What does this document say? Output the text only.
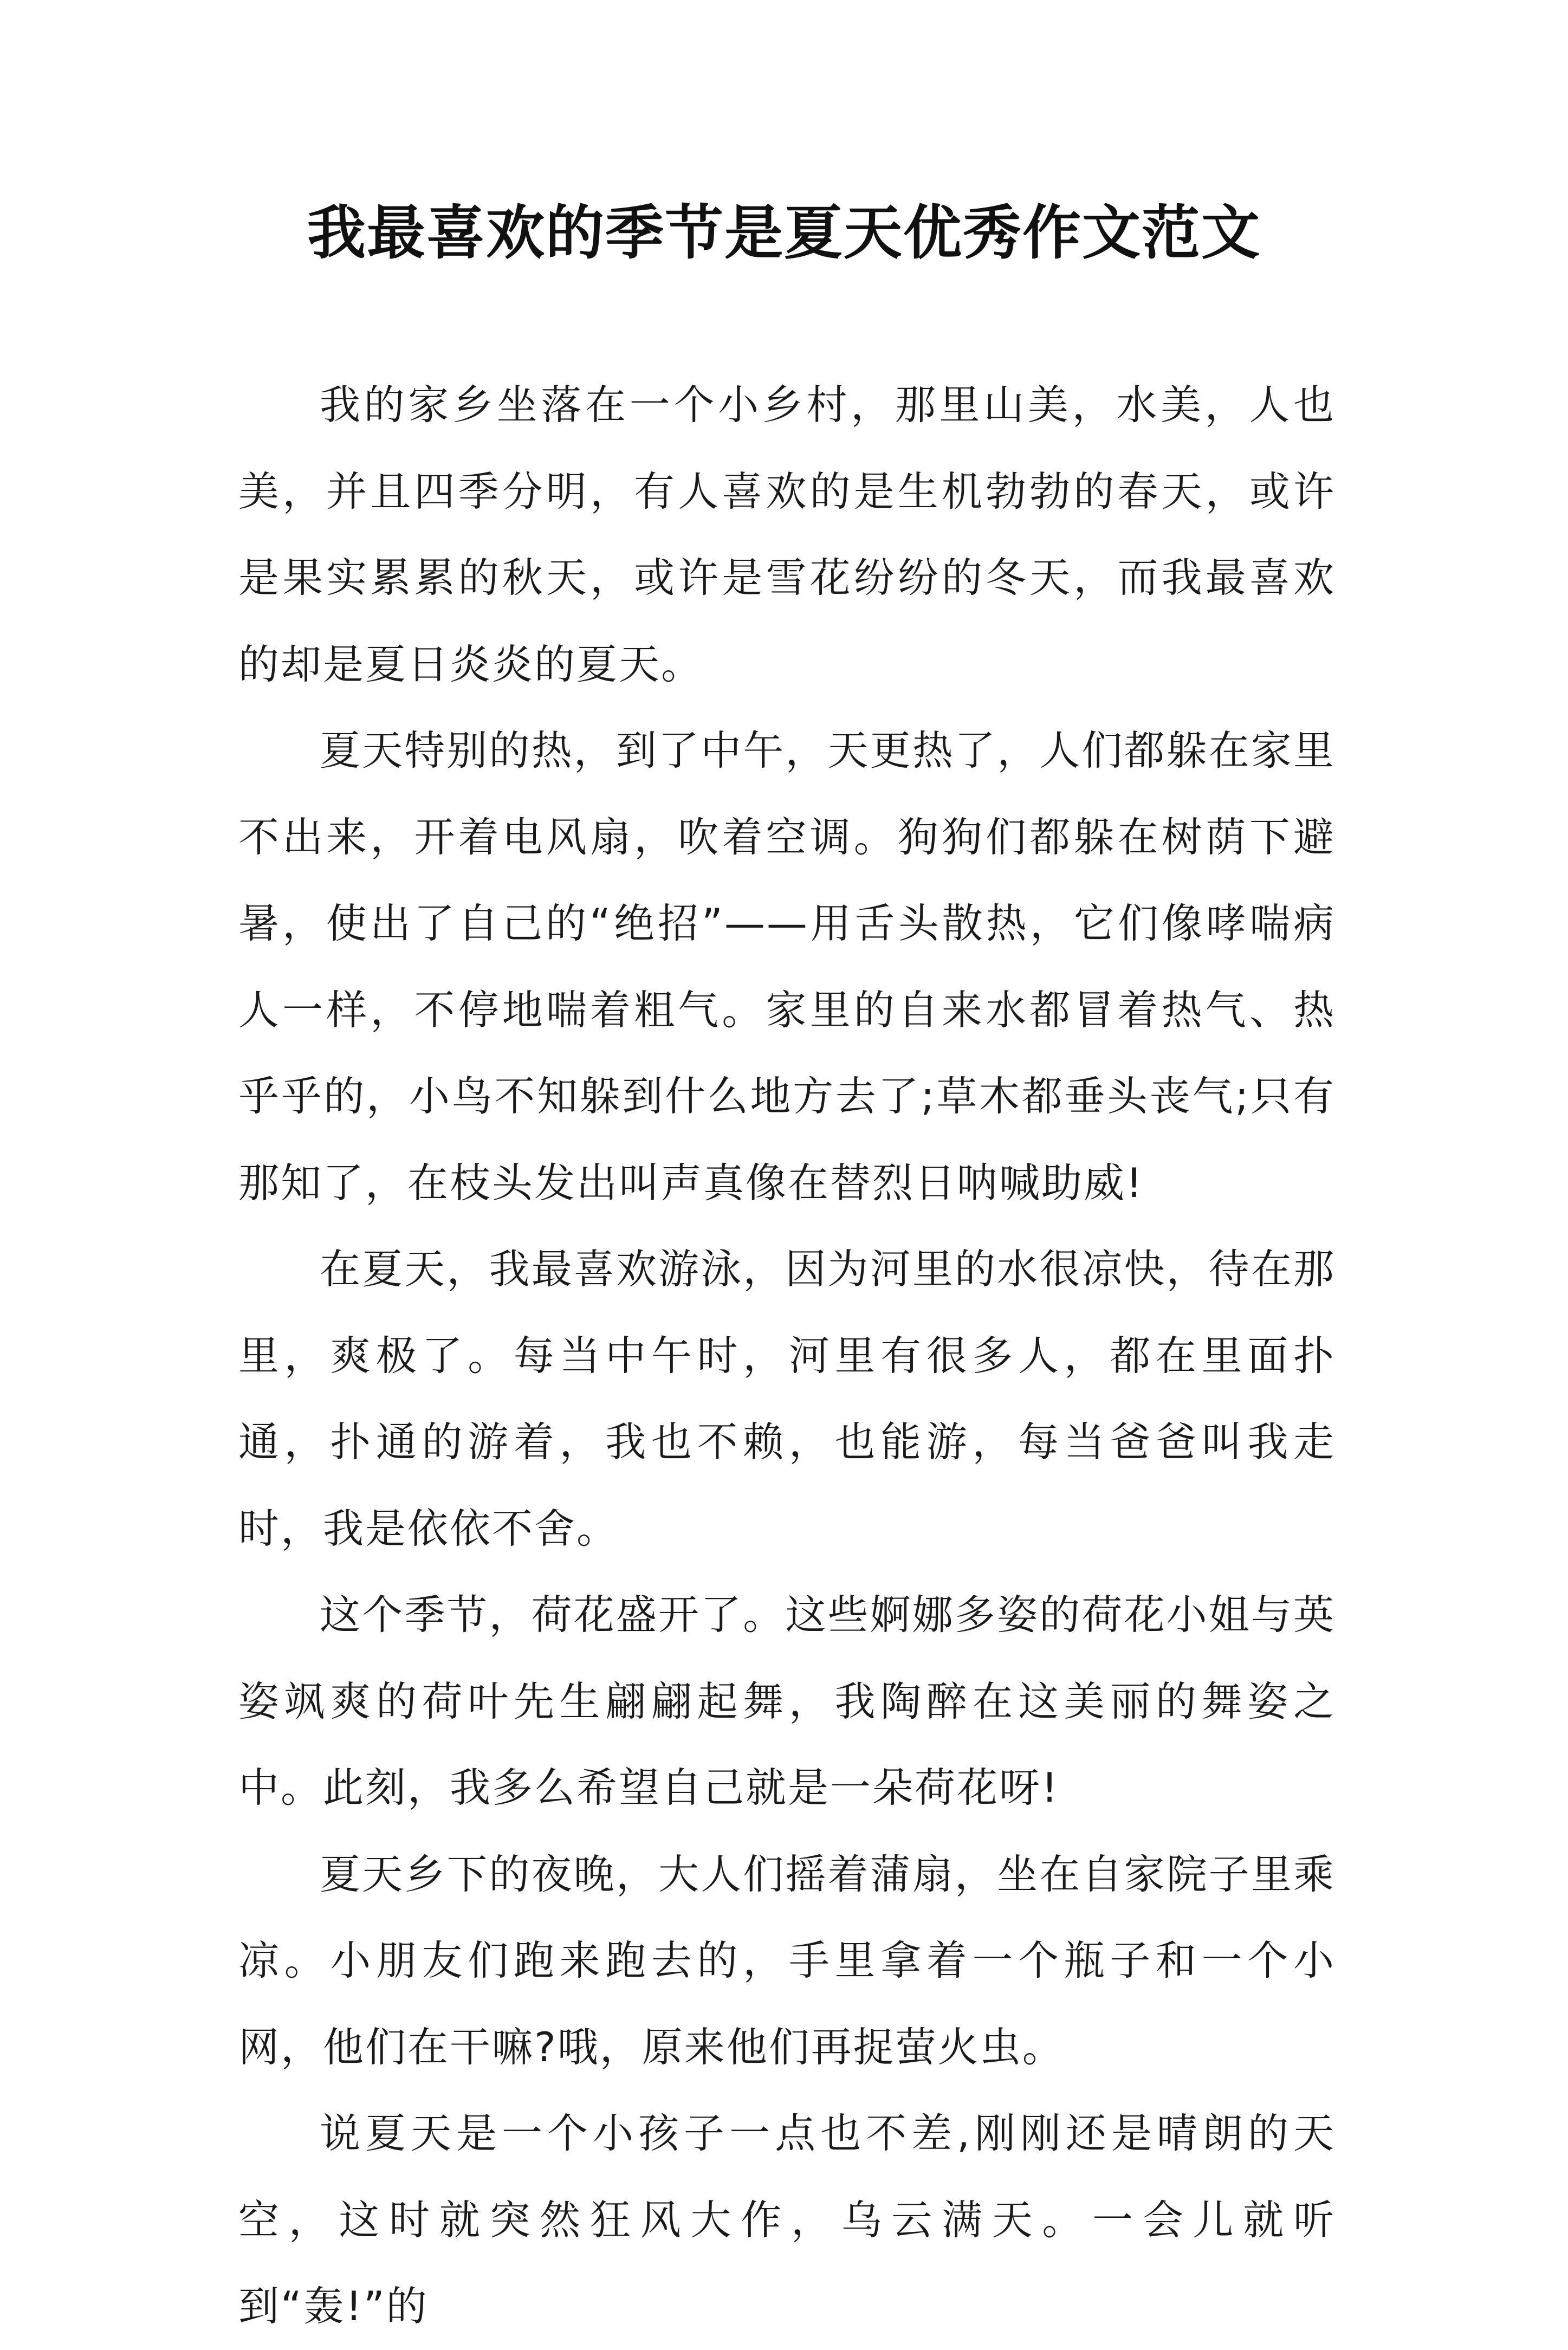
我最喜欢的季节是夏天优秀作文范文

我的家乡坐落在一个小乡村，那里山美，水美，人也美，并且四季分明，有人喜欢的是生机勃勃的春天，或许是果实累累的秋天，或许是雪花纷纷的冬天，而我最喜欢的却是夏日炎炎的夏天。

夏天特别的热，到了中午，天更热了，人们都躲在家里不出来，开着电风扇，吹着空调。狗狗们都躲在树荫下避暑，使出了自己的“绝招”——用舌头散热，它们像哮喘病人一样，不停地喘着粗气。家里的自来水都冒着热气、热乎乎的，小鸟不知躲到什么地方去了;草木都垂头丧气;只有那知了，在枝头发出叫声真像在替烈日呐喊助威!

在夏天，我最喜欢游泳，因为河里的水很凉快，待在那里，爽极了。每当中午时，河里有很多人，都在里面扑通，扑通的游着，我也不赖，也能游，每当爸爸叫我走时，我是依依不舍。

这个季节，荷花盛开了。这些婀娜多姿的荷花小姐与英姿飒爽的荷叶先生翩翩起舞，我陶醉在这美丽的舞姿之中。此刻，我多么希望自己就是一朵荷花呀!

夏天乡下的夜晚，大人们摇着蒲扇，坐在自家院子里乘凉。小朋友们跑来跑去的，手里拿着一个瓶子和一个小网，他们在干嘛?哦，原来他们再捉萤火虫。

说夏天是一个小孩子一点也不差,刚刚还是晴朗的天空，这时就突然狂风大作，乌云满天。一会儿就听到“轰!”的
